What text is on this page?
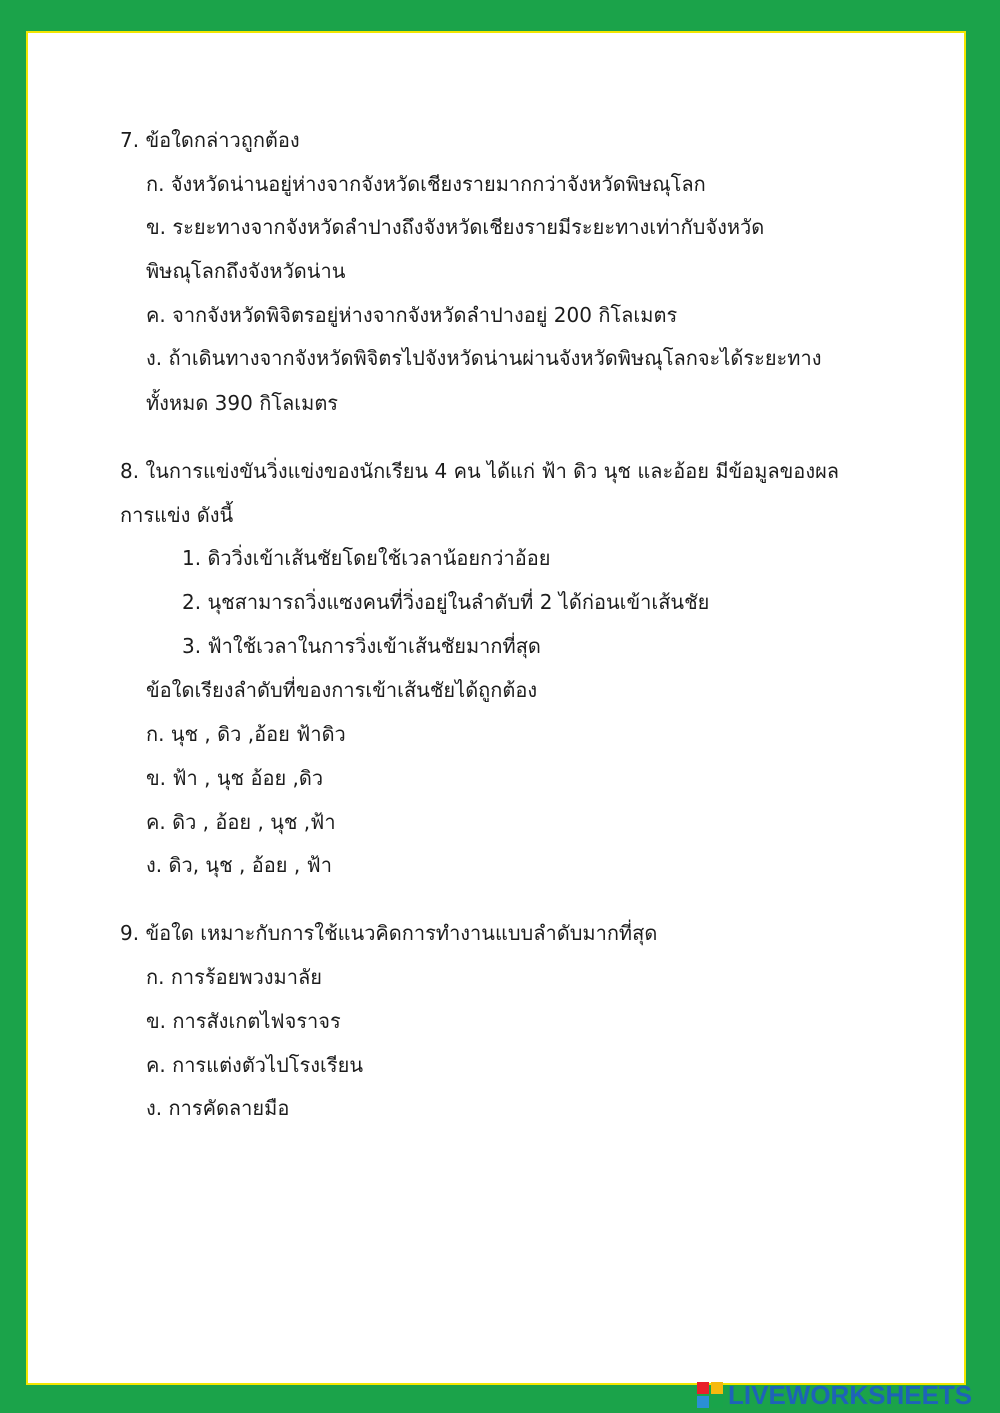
7. ข้อใดกล่าวถูกต้อง
ก. จังหวัดน่านอยู่ห่างจากจังหวัดเชียงรายมากกว่าจังหวัดพิษณุโลก
ข. ระยะทางจากจังหวัดลำปางถึงจังหวัดเชียงรายมีระยะทางเท่ากับจังหวัด
พิษณุโลกถึงจังหวัดน่าน
ค. จากจังหวัดพิจิตรอยู่ห่างจากจังหวัดลำปางอยู่ 200 กิโลเมตร
ง. ถ้าเดินทางจากจังหวัดพิจิตรไปจังหวัดน่านผ่านจังหวัดพิษณุโลกจะได้ระยะทาง
ทั้งหมด 390 กิโลเมตร
8. ในการแข่งขันวิ่งแข่งของนักเรียน 4 คน ได้แก่ ฟ้า ดิว นุช และอ้อย มีข้อมูลของผล
การแข่ง ดังนี้
1. ดิววิ่งเข้าเส้นชัยโดยใช้เวลาน้อยกว่าอ้อย
2. นุชสามารถวิ่งแซงคนที่วิ่งอยู่ในลำดับที่ 2 ได้ก่อนเข้าเส้นชัย
3. ฟ้าใช้เวลาในการวิ่งเข้าเส้นชัยมากที่สุด
ข้อใดเรียงลำดับที่ของการเข้าเส้นชัยได้ถูกต้อง
ก. นุช , ดิว ,อ้อย ฟ้าดิว
ข. ฟ้า , นุช อ้อย ,ดิว
ค. ดิว , อ้อย , นุช ,ฟ้า
ง. ดิว, นุช , อ้อย , ฟ้า
9. ข้อใด เหมาะกับการใช้แนวคิดการทำงานแบบลำดับมากที่สุด
ก. การร้อยพวงมาลัย
ข. การสังเกตไฟจราจร
ค. การแต่งตัวไปโรงเรียน
ง. การคัดลายมือ
LIVEWORKSHEETS
